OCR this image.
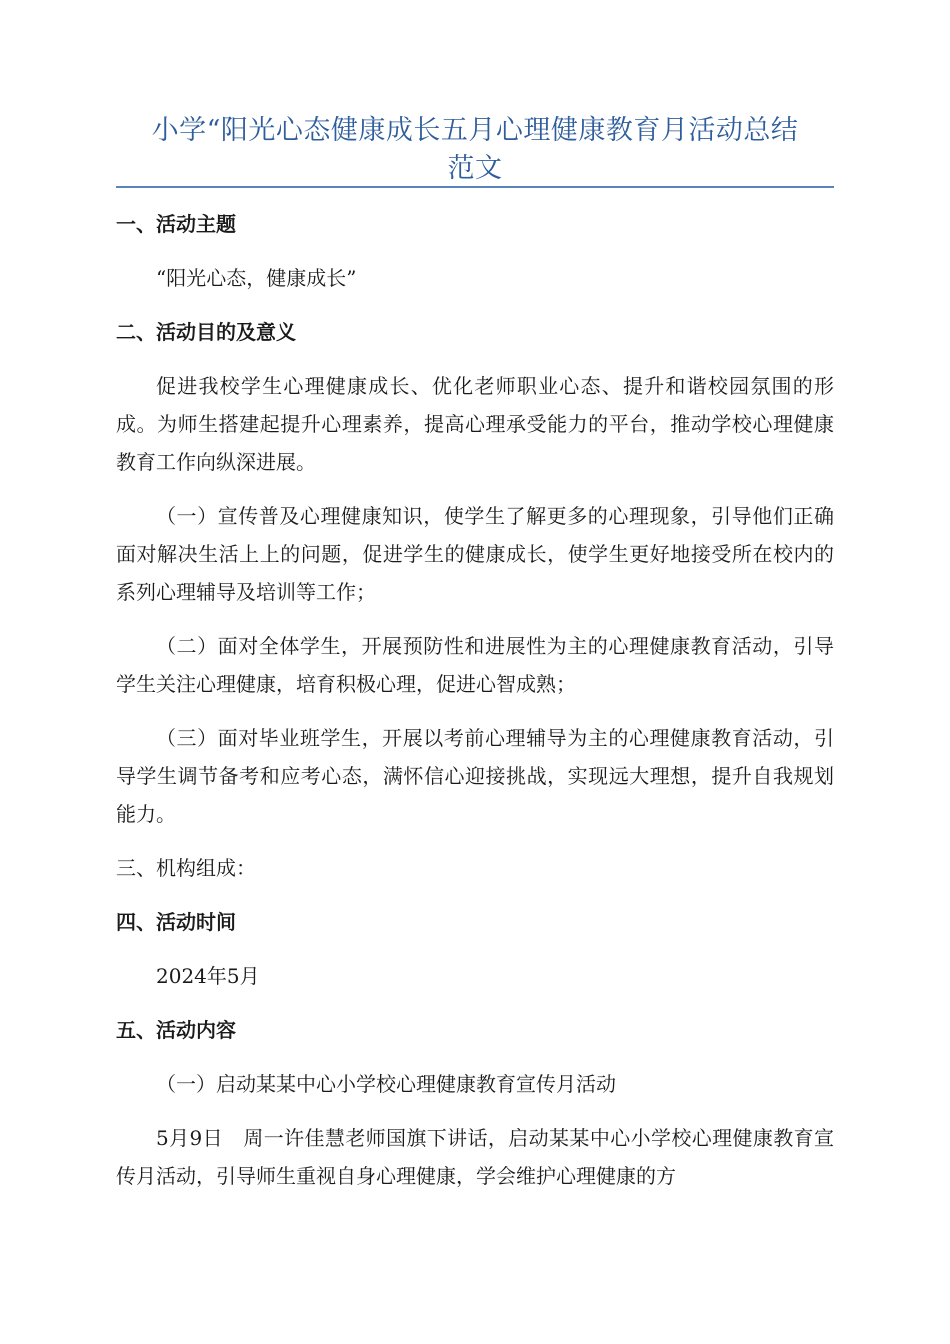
小学“阳光心态健康成长五月心理健康教育月活动总结
范文

一、活动主题

“阳光心态，健康成长”

二、活动目的及意义

促进我校学生心理健康成长、优化老师职业心态、提升和谐校园氛围的形成。为师生搭建起提升心理素养，提高心理承受能力的平台，推动学校心理健康教育工作向纵深进展。

（一）宣传普及心理健康知识，使学生了解更多的心理现象，引导他们正确面对解决生活上上的问题，促进学生的健康成长，使学生更好地接受所在校内的系列心理辅导及培训等工作；

（二）面对全体学生，开展预防性和进展性为主的心理健康教育活动，引导学生关注心理健康，培育积极心理，促进心智成熟；

（三）面对毕业班学生，开展以考前心理辅导为主的心理健康教育活动，引导学生调节备考和应考心态，满怀信心迎接挑战，实现远大理想，提升自我规划能力。

三、机构组成：

四、活动时间

2024年5月

五、活动内容

（一）启动某某中心小学校心理健康教育宣传月活动

5月9日　周一许佳慧老师国旗下讲话，启动某某中心小学校心理健康教育宣传月活动，引导师生重视自身心理健康，学会维护心理健康的方
